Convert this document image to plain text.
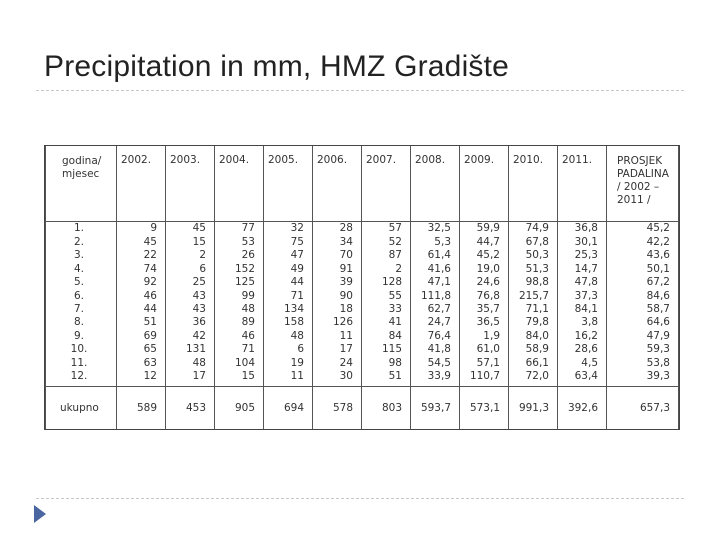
Precipitation in mm, HMZ Gradište
godina/ mjesec	2002.	2003.	2004.	2005.	2006.	2007.	2008.	2009.	2010.	2011.	PROSJEK PADALINA / 2002 – 2011 /
1.	9	45	77	32	28	57	32,5	59,9	74,9	36,8	45,2
2.	45	15	53	75	34	52	5,3	44,7	67,8	30,1	42,2
3.	22	2	26	47	70	87	61,4	45,2	50,3	25,3	43,6
4.	74	6	152	49	91	2	41,6	19,0	51,3	14,7	50,1
5.	92	25	125	44	39	128	47,1	24,6	98,8	47,8	67,2
6.	46	43	99	71	90	55	111,8	76,8	215,7	37,3	84,6
7.	44	43	48	134	18	33	62,7	35,7	71,1	84,1	58,7
8.	51	36	89	158	126	41	24,7	36,5	79,8	3,8	64,6
9.	69	42	46	48	11	84	76,4	1,9	84,0	16,2	47,9
10.	65	131	71	6	17	115	41,8	61,0	58,9	28,6	59,3
11.	63	48	104	19	24	98	54,5	57,1	66,1	4,5	53,8
12.	12	17	15	11	30	51	33,9	110,7	72,0	63,4	39,3
ukupno	589	453	905	694	578	803	593,7	573,1	991,3	392,6	657,3
